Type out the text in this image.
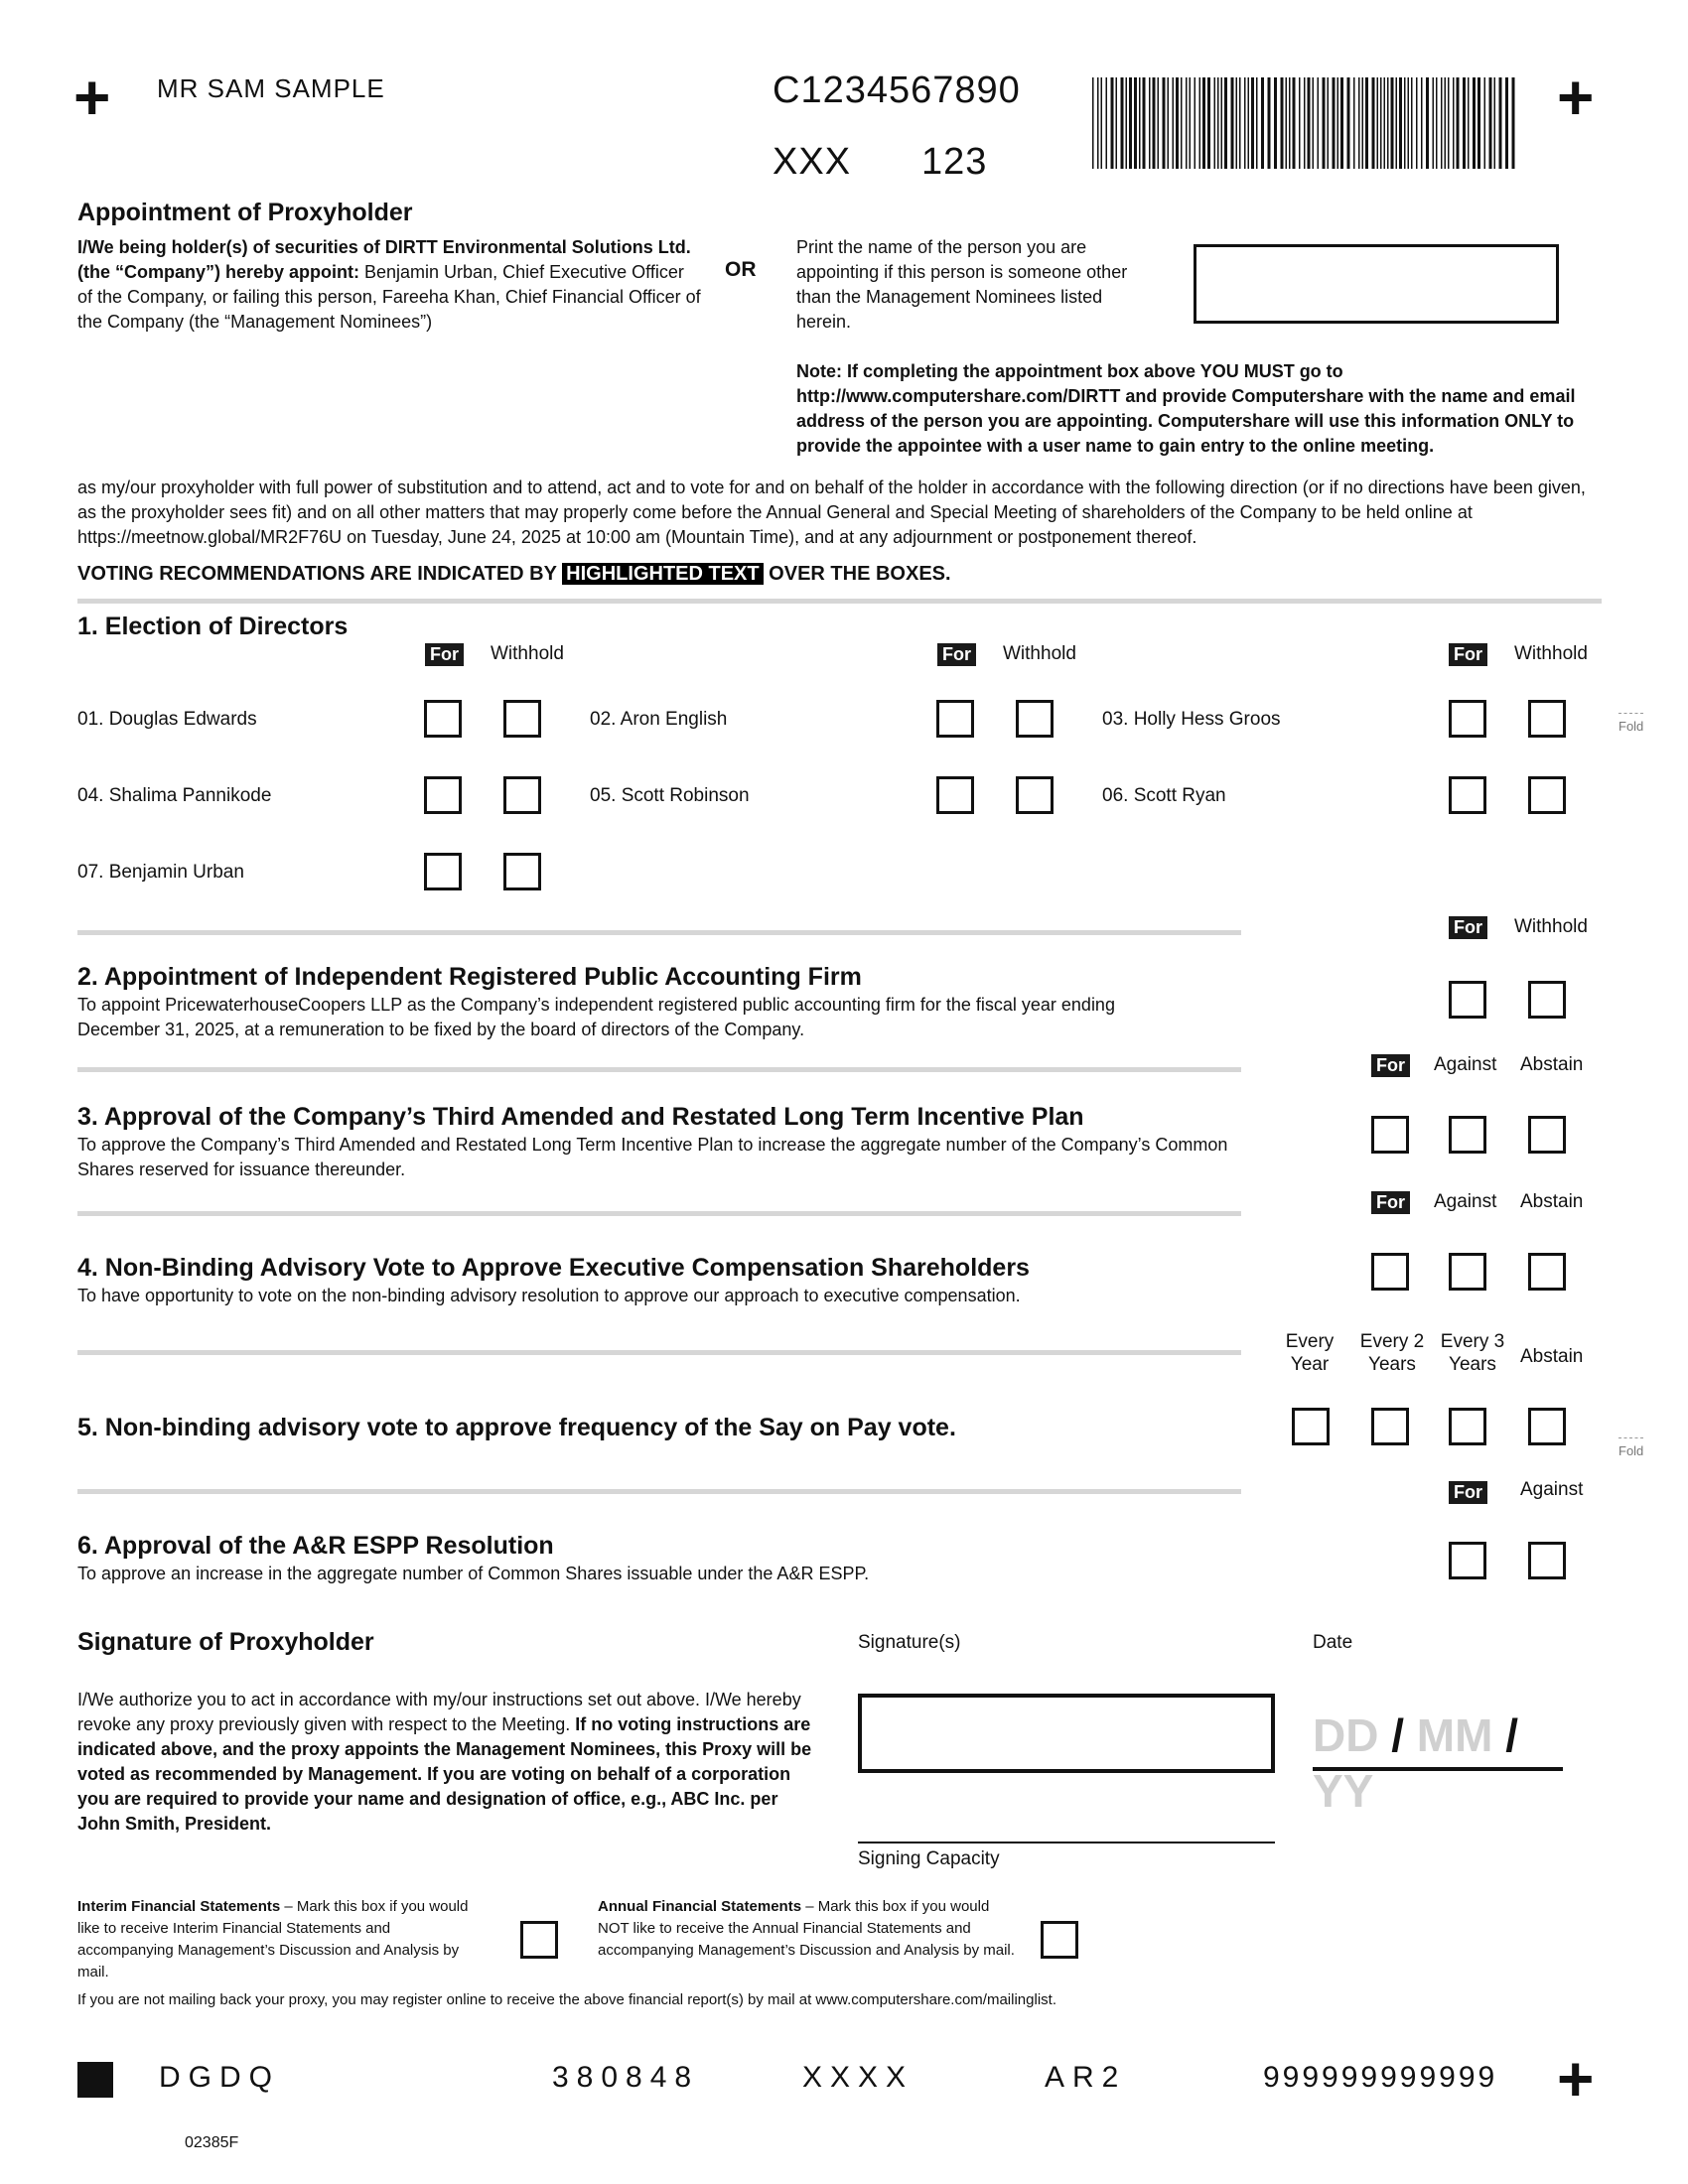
+	+
MR SAM SAMPLE	C1234567890
XXX 123
Appointment of Proxyholder
I/We being holder(s) of securities of DIRTT Environmental Solutions Ltd. (the “Company”) hereby appoint: Benjamin Urban, Chief Executive Officer of the Company, or failing this person, Fareeha Khan, Chief Financial Officer of the Company (the “Management Nominees”)
OR
Print the name of the person you are appointing if this person is someone other than the Management Nominees listed herein.
Note: If completing the appointment box above YOU MUST go to http://www.computershare.com/DIRTT and provide Computershare with the name and email address of the person you are appointing. Computershare will use this information ONLY to provide the appointee with a user name to gain entry to the online meeting.
as my/our proxyholder with full power of substitution and to attend, act and to vote for and on behalf of the holder in accordance with the following direction (or if no directions have been given, as the proxyholder sees fit) and on all other matters that may properly come before the Annual General and Special Meeting of shareholders of the Company to be held online at https://meetnow.global/MR2F76U on Tuesday, June 24, 2025 at 10:00 am (Mountain Time), and at any adjournment or postponement thereof.
VOTING RECOMMENDATIONS ARE INDICATED BY HIGHLIGHTED TEXT OVER THE BOXES.
1. Election of Directors
For Withhold	For Withhold	For Withhold
01. Douglas Edwards	02. Aron English	03. Holly Hess Groos	Fold
04. Shalima Pannikode	05. Scott Robinson	06. Scott Ryan
07. Benjamin Urban
For Withhold
2. Appointment of Independent Registered Public Accounting Firm
To appoint PricewaterhouseCoopers LLP as the Company’s independent registered public accounting firm for the fiscal year ending December 31, 2025, at a remuneration to be fixed by the board of directors of the Company.
For Against Abstain
3. Approval of the Company’s Third Amended and Restated Long Term Incentive Plan
To approve the Company’s Third Amended and Restated Long Term Incentive Plan to increase the aggregate number of the Company’s Common Shares reserved for issuance thereunder.
For Against Abstain
4. Non-Binding Advisory Vote to Approve Executive Compensation Shareholders
To have opportunity to vote on the non-binding advisory resolution to approve our approach to executive compensation.
Every Year
Every 2 Years
Every 3 Years	Abstain
5. Non-binding advisory vote to approve frequency of the Say on Pay vote.
Fold
For Against
6. Approval of the A&R ESPP Resolution
To approve an increase in the aggregate number of Common Shares issuable under the A&R ESPP.
Signature of Proxyholder	Signature(s)	Date
I/We authorize you to act in accordance with my/our instructions set out above. I/We hereby revoke any proxy previously given with respect to the Meeting. If no voting instructions are indicated above, and the proxy appoints the Management Nominees, this Proxy will be voted as recommended by Management. If you are voting on behalf of a corporation you are required to provide your name and designation of office, e.g., ABC Inc. per John Smith, President.
DD / MM / YY
Signing Capacity
Interim Financial Statements – Mark this box if you would like to receive Interim Financial Statements and accompanying Management’s Discussion and Analysis by mail.
Annual Financial Statements – Mark this box if you would NOT like to receive the Annual Financial Statements and accompanying Management’s Discussion and Analysis by mail.
If you are not mailing back your proxy, you may register online to receive the above financial report(s) by mail at www.computershare.com/mailinglist.
DGDQ	380848	XXXX	AR2	999999999999 +
02385F
